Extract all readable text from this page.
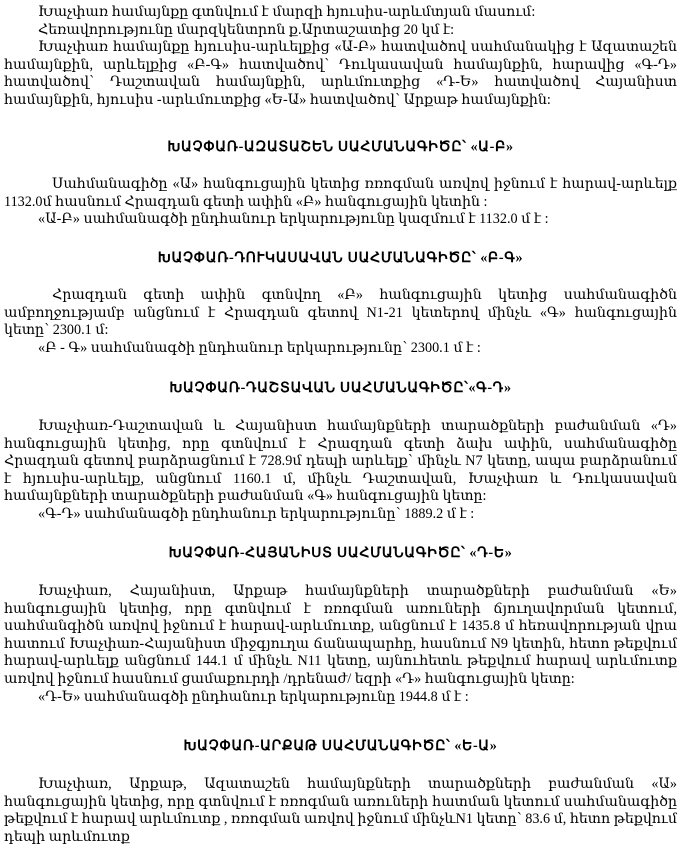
Խաչփառ համայնքը գտնվում է մարզի հյուսիս-արևմտյան մասում:

Հեռավորությունը մարզկենտրոն ք.Արտաշատից 20 կմ է:

Խաչփառ համայնքը հյուսիս-արևելքից «Ա-Բ» հատվածով սահմանակից է Ազատաշեն համայնքին, արևելքից «Բ-Գ» հատվածով՝ Դուկասավան համայնքին, հարավից «Գ-Դ» հատվածով՝ Դաշտավան համայնքին, արևմուտքից «Դ-Ե» հատվածով Հայանիստ համայնքին, հյուսիս -արևմուտքից «Ե-Ա» հատվածով՝ Արքաթ համայնքին:

ԽԱՉՓԱՌ-ԱԶԱՏԱՇԵՆ ՍԱՀՄԱՆԱԳԻԾԸ՝ «Ա-Բ»

Սահմանագիծը «Ա» հանգուցային կետից ռռոգման առվով իջնում է հարավ-արևելք 1132.0մ հասնում Հրազդան գետի ափին «Բ» հանգուցային կետին :

«Ա-Բ» սահմանագծի ընդհանուր երկարությունը կազմում է 1132.0 մ է :

ԽԱՉՓԱՌ-ԴՈՒԿԱՍԱՎԱՆ ՍԱՀՄԱՆԱԳԻԾԸ՝ «Բ-Գ»

Հրազդան գետի ափին գտնվող «Բ» հանգուցային կետից սահմանագիծն ամբողջությամբ անցնում է Հրազդան գետով N1-21 կետերով մինչև «Գ» հանգուցային կետը՝ 2300.1 մ:

«Բ - Գ» սահմանագծի ընդհանուր երկարությունը՝ 2300.1 մ է :

ԽԱՉՓԱՌ-ԴԱՇՏԱՎԱՆ ՍԱՀՄԱՆԱԳԻԾԸ՝«Գ-Դ»

Խաչփառ-Դաշտավան և Հայանիստ համայնքների տարածքների բաժանման «Դ» հանգուցային կետից, որը գտնվում է Հրազդան գետի ձախ ափին, սահմանագիծը Հրազդան գետով բարձրացնում է 728.9մ դեպի արևելք՝ մինչև N7 կետը, ապա բարձրանում է հյուսիս-արևելք, անցնում 1160.1 մ, մինչև Դաշտավան, Խաչփառ և Դուկասավան համայնքների տարածքների բաժանման «Գ» հանգուցային կետը:

«Գ-Դ» սահմանագծի ընդհանուր երկարությունը՝ 1889.2 մ է :

ԽԱՉՓԱՌ-ՀԱՅԱՆԻՍՏ ՍԱՀՄԱՆԱԳԻԾԸ՝ «Դ-Ե»

Խաչփառ, Հայանիստ, Արքաթ համայնքների տարածքների բաժանման «Ե» հանգուցային կետից, որը գտնվում է ռռոգման առուների ճյուղավորման կետում, սահմանգիծն առվով իջնում է հարավ-արևմուտք, անցնում է 1435.8 մ հեռավորության վրա հատում Խաչփառ-Հայանիստ միջգյուղա ճանապարհը, հասնում N9 կետին, հետո թեքվում հարավ-արևելք անցնում 144.1 մ մինչև N11 կետը, այնուհետև թեքվում հարավ արևմուտք առվով իջնում հասնում ցամաքուրդի /դրենաժ/ եզրի «Դ» հանգուցային կետը:

«Դ-Ե» սահմանագծի ընդհանուր երկարությունը 1944.8 մ է :

ԽԱՉՓԱՌ-ԱՐՔԱԹ ՍԱՀՄԱՆԱԳԻԾԸ՝ «Ե-Ա»

Խաչփառ, Արքաթ, Ազատաշեն համայնքների տարածքների բաժանման «Ա» հանգուցային կետից, որը գտնվում է ռռոգման առուների հատման կետում սահմանագիծը թեքվում է հարավ արևմուտք , ռռոգման առվով իջնում մինչևN1 կետը՝ 83.6 մ, հետո թեքվում դեպի արևմուտք
